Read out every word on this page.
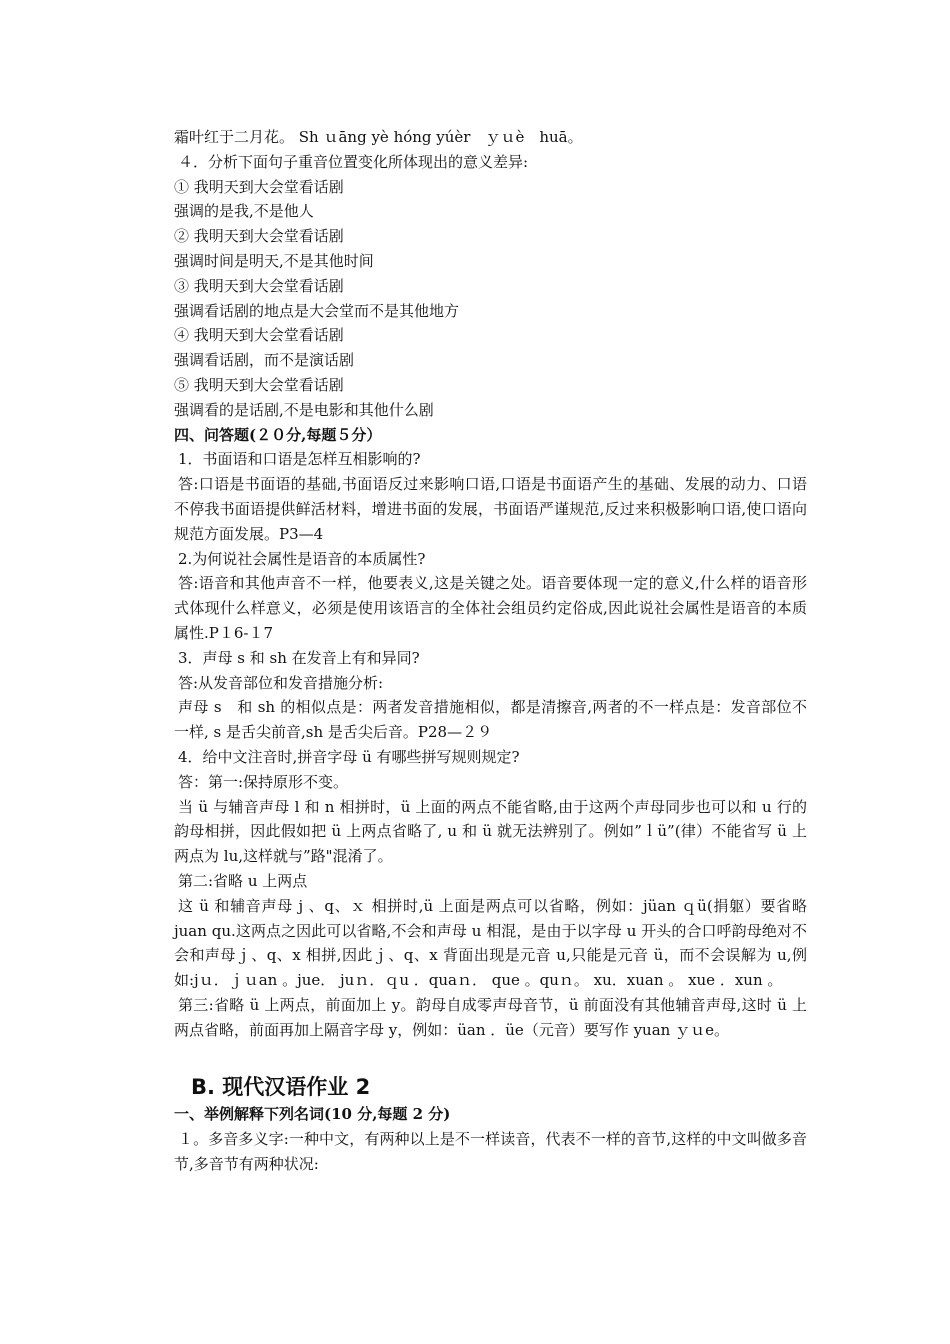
霜叶红于二月花。 Sh ｕāng yè hóng yúèr　ｙｕè　huā。

４．分析下面句子重音位置变化所体现出的意义差异:

① 我明天到大会堂看话剧

强调的是我,不是他人

② 我明天到大会堂看话剧

强调时间是明天,不是其他时间

③ 我明天到大会堂看话剧

强调看话剧的地点是大会堂而不是其他地方

④ 我明天到大会堂看话剧

强调看话剧，而不是演话剧

⑤ 我明天到大会堂看话剧

强调看的是话剧,不是电影和其他什么剧

四、问答题(２０分,每题５分）

1．书面语和口语是怎样互相影响的?

答:口语是书面语的基础,书面语反过来影响口语,口语是书面语产生的基础、发展的动力、口语不停我书面语提供鲜活材料，增进书面的发展，书面语严谨规范,反过来积极影响口语,使口语向规范方面发展。P3—4

2.为何说社会属性是语音的本质属性?

答:语音和其他声音不一样，他要表义,这是关键之处。语音要体现一定的意义,什么样的语音形式体现什么样意义，必须是使用该语言的全体社会组员约定俗成,因此说社会属性是语音的本质属性.P１6-１7

3．声母 s 和 sh 在发音上有和异同?

答:从发音部位和发音措施分析:

声母 s　和 sh 的相似点是：两者发音措施相似，都是清擦音,两者的不一样点是：发音部位不一样, s 是舌尖前音,sh 是舌尖后音。P28—２９

4．给中文注音时,拼音字母 ü 有哪些拼写规则规定?

答：第一:保持原形不变。

当 ü 与辅音声母 l 和 n 相拼时，ü 上面的两点不能省略,由于这两个声母同步也可以和 u 行的韵母相拼，因此假如把 ü 上两点省略了, u 和 ü 就无法辨别了。例如”ｌü”(律）不能省写 ü 上两点为 lu,这样就与”路"混淆了。

第二:省略 u 上两点

这 ü 和辅音声母 j 、q、ｘ 相拼时,ü 上面是两点可以省略，例如：jüan ｑü(捐躯）要省略 juan qu.这两点之因此可以省略,不会和声母 u 相混，是由于以字母 u 开头的合口呼韵母绝对不会和声母ｊ、q、x 相拼,因此ｊ、q、x 背面出现是元音 u,只能是元音 ü，而不会误解为 u,例如:jｕ．ｊｕan 。jue． juｎ．ｑu ．quaｎ． que 。quｎ。 xu．xuan 。 xue ．xun 。

第三:省略 ü 上两点，前面加上 y。韵母自成零声母音节，ü 前面没有其他辅音声母,这时 ü 上两点省略，前面再加上隔音字母 y，例如：üan ．üe（元音）要写作 yuan ｙｕe。

B. 现代汉语作业 2

一、举例解释下列名词(10 分,每题 2 分)

１。多音多义字:一种中文，有两种以上是不一样读音，代表不一样的音节,这样的中文叫做多音节,多音节有两种状况:
